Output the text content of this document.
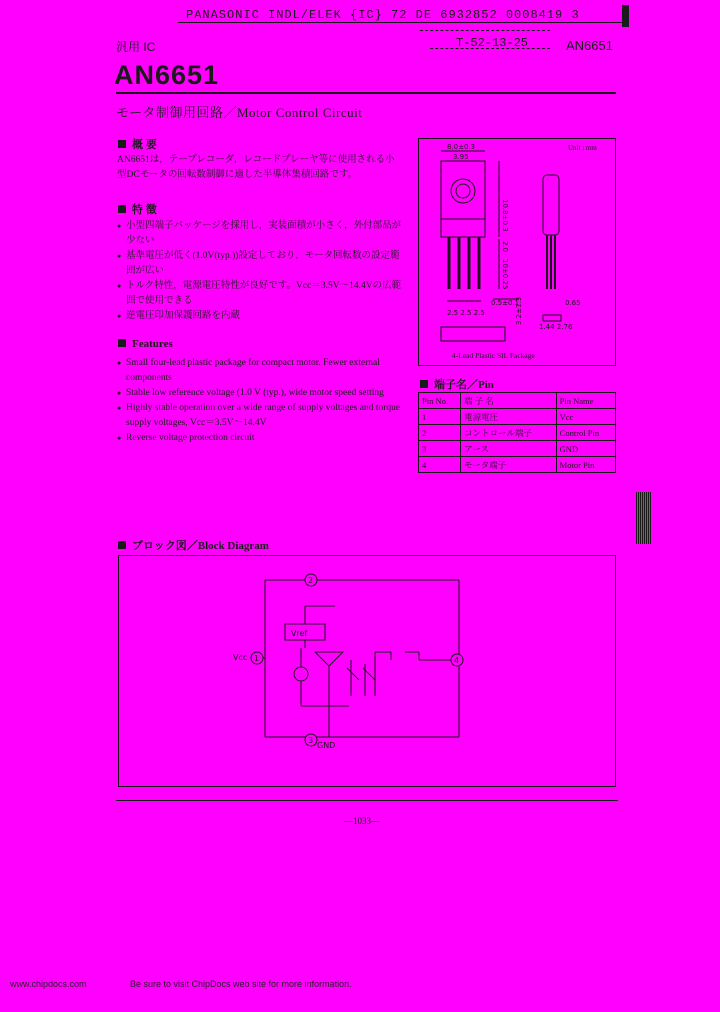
PANASONIC INDL/ELEK {IC} 72 DE 6932852 0008419 3
T-52-13-25	AN6651
汎用 IC
AN6651
モータ制御用回路／Motor Control Circuit
概 要
AN6651は，テープレコーダ，レコードプレーヤ等に使用される小型DCモータの回転数制御に適した半導体集積回路です。
特 徴
● 小型四端子パッケージを採用し，実装面積が小さく，外付部品が少ない
● 基準電圧が低く(1.0V(typ.))設定しており，モータ回転数の設定範囲が広い
● トルク特性，電源電圧特性が良好です。Vcc＝3.5V～14.4Vの広範囲で使用できる
● 逆電圧印加保護回路を内蔵
Features
● Small four-lead plastic package for compact motor. Fewer external components
● Stable low reference voltage (1.0 V (typ.), wide motor speed setting
● Highly stable operation over a wide range of supply voltages and torque supply voltages, Vcc＝3.5V～14.4V
● Reverse voltage protection circuit
Unit : mm
8.0±0.3
3.95
10.8±0.3
2.0
10±0.25
0.5±0.1
2.5 2.5 2.5
0.65
1.44 2.76
3.2±1.3
4-Lead Plastic SIL Package
端子名／Pin
Pin No.	端 子 名	Pin Name
1	電源電圧	Vcc
2	コントロール端子	Control Pin
3	アース	GND
4	モータ端子	Motor Pin
ブロック図／Block Diagram
1
2
3
4
Vcc
Vref
GND
—1033—
www.chipdocs.com	Be sure to visit ChipDocs web site for more information.
